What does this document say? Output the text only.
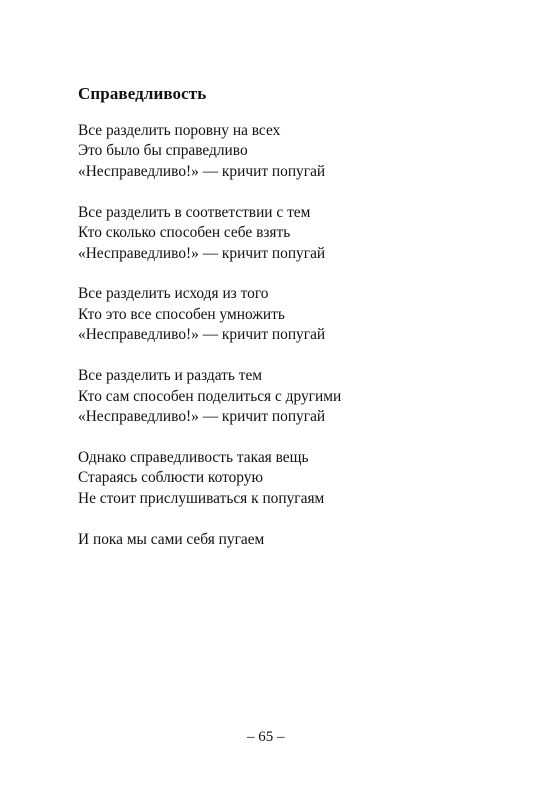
Справедливость
Все разделить поровну на всех
Это было бы справедливо
«Несправедливо!» — кричит попугай
Все разделить в соответствии с тем
Кто сколько способен себе взять
«Несправедливо!» — кричит попугай
Все разделить исходя из того
Кто это все способен умножить
«Несправедливо!» — кричит попугай
Все разделить и раздать тем
Кто сам способен поделиться с другими
«Несправедливо!» — кричит попугай
Однако справедливость такая вещь
Стараясь соблюсти которую
Не стоит прислушиваться к попугаям
И пока мы сами себя пугаем
– 65 –
